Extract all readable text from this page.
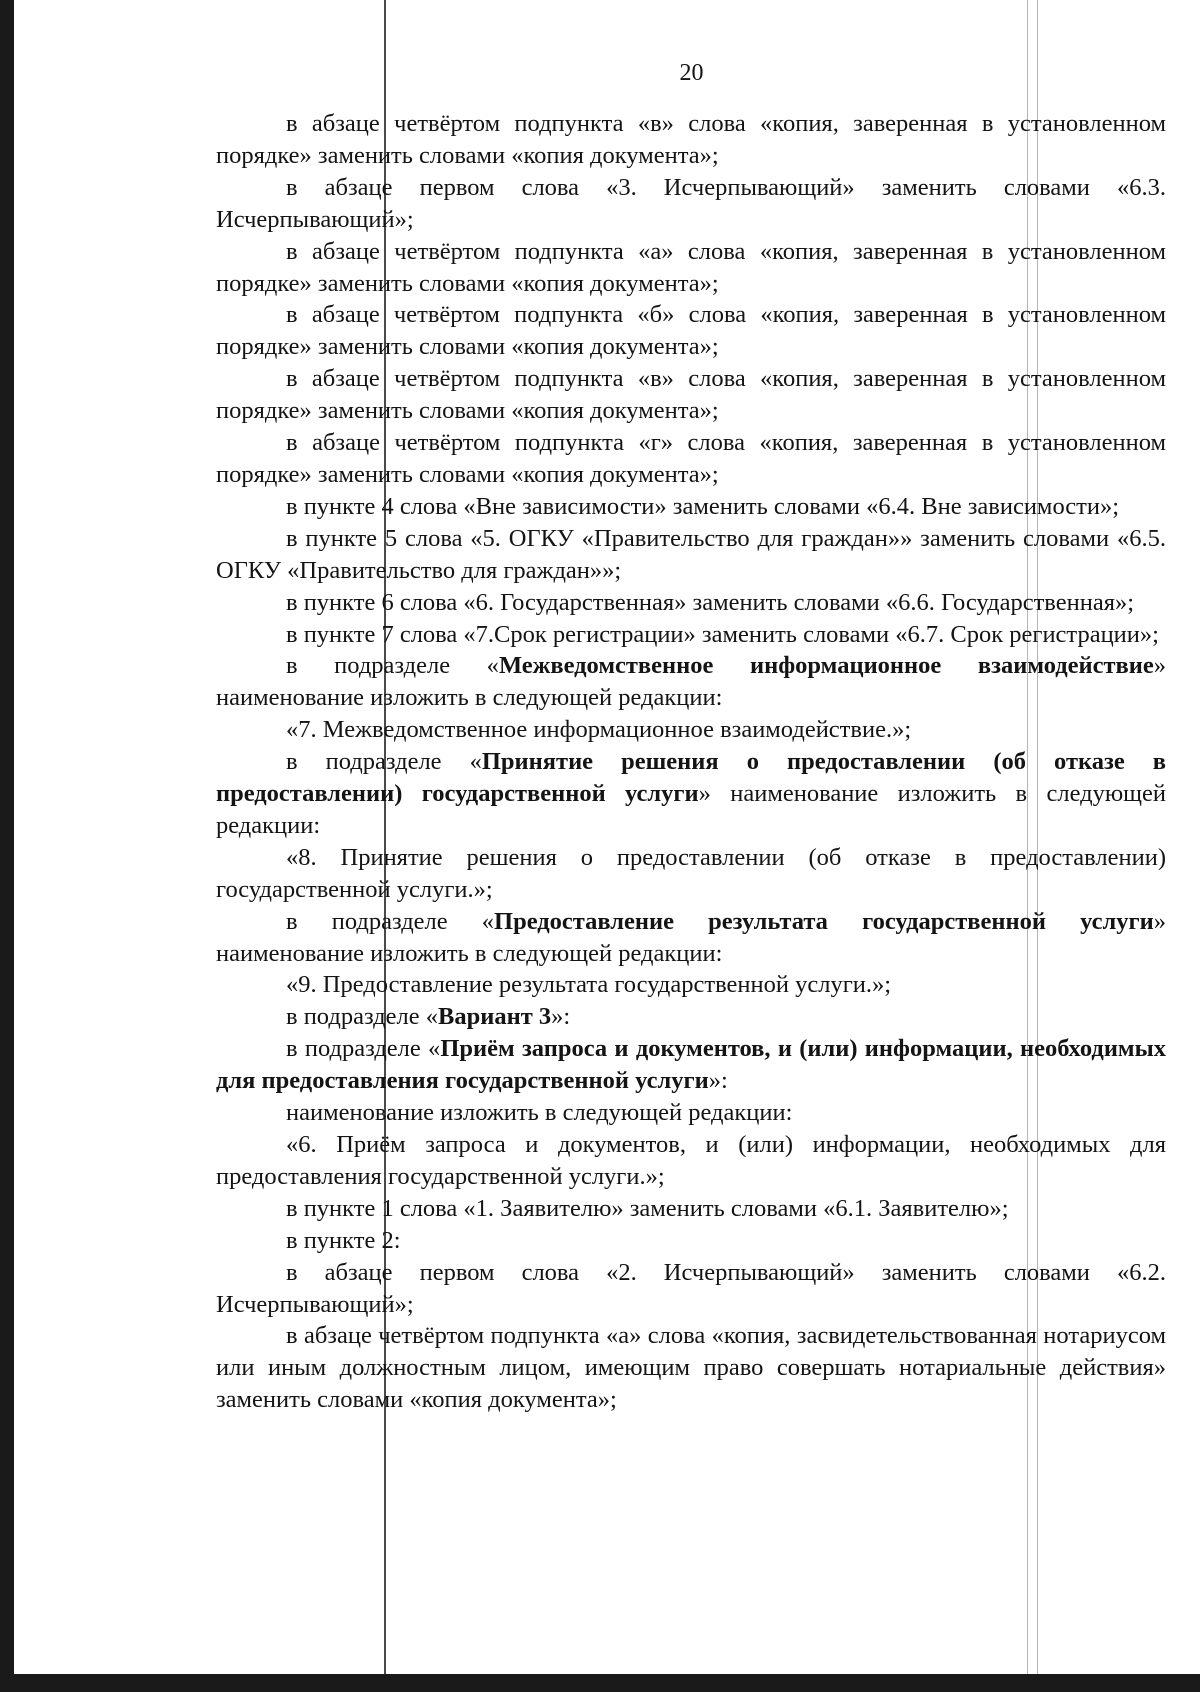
20

в абзаце четвёртом подпункта «в» слова «копия, заверенная в установленном порядке» заменить словами «копия документа»;

в абзаце первом слова «3. Исчерпывающий» заменить словами «6.3. Исчерпывающий»;

в абзаце четвёртом подпункта «а» слова «копия, заверенная в установленном порядке» заменить словами «копия документа»;

в абзаце четвёртом подпункта «б» слова «копия, заверенная в установленном порядке» заменить словами «копия документа»;

в абзаце четвёртом подпункта «в» слова «копия, заверенная в установленном порядке» заменить словами «копия документа»;

в абзаце четвёртом подпункта «г» слова «копия, заверенная в установленном порядке» заменить словами «копия документа»;

в пункте 4 слова «Вне зависимости» заменить словами «6.4. Вне зависимости»;

в пункте 5 слова «5. ОГКУ «Правительство для граждан»» заменить словами «6.5. ОГКУ «Правительство для граждан»»;

в пункте 6 слова «6. Государственная» заменить словами «6.6. Государственная»;

в пункте 7 слова «7.Срок регистрации» заменить словами «6.7. Срок регистрации»;

в подразделе «Межведомственное информационное взаимодействие» наименование изложить в следующей редакции:

«7. Межведомственное информационное взаимодействие.»;

в подразделе «Принятие решения о предоставлении (об отказе в предоставлении) государственной услуги» наименование изложить в следующей редакции:

«8. Принятие решения о предоставлении (об отказе в предоставлении) государственной услуги.»;

в подразделе «Предоставление результата государственной услуги» наименование изложить в следующей редакции:

«9. Предоставление результата государственной услуги.»;

в подразделе «Вариант 3»:

в подразделе «Приём запроса и документов, и (или) информации, необходимых для предоставления государственной услуги»:

наименование изложить в следующей редакции:

«6. Приём запроса и документов, и (или) информации, необходимых для предоставления государственной услуги.»;

в пункте 1 слова «1. Заявителю» заменить словами «6.1. Заявителю»;

в пункте 2:

в абзаце первом слова «2. Исчерпывающий» заменить словами «6.2. Исчерпывающий»;

в абзаце четвёртом подпункта «а» слова «копия, засвидетельствованная нотариусом или иным должностным лицом, имеющим право совершать нотариальные действия» заменить словами «копия документа»;
